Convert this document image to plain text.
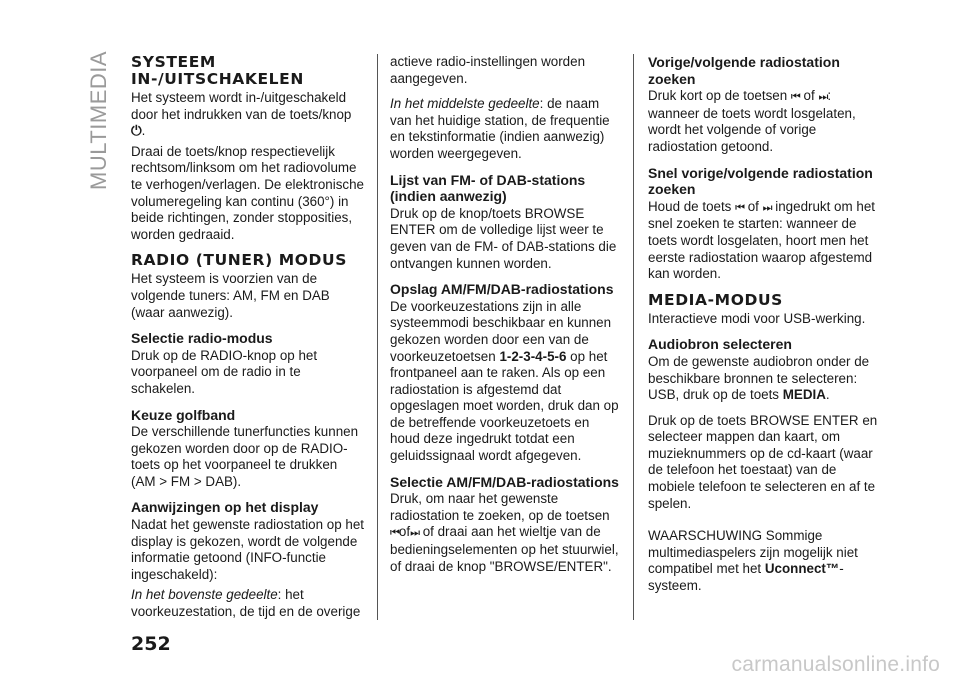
MULTIMEDIA SYSTEEM IN-/UITSCHAKELEN

Het systeem wordt in-/uitgeschakeld door het indrukken van de toets/knop
⏻.

Draai de toets/knop respectievelijk rechtsom/linksom om het radiovolume te verhogen/verlagen. De elektronische volumeregeling kan continu (360°) in beide richtingen, zonder stopposities, worden gedraaid.

RADIO (TUNER) MODUS

Het systeem is voorzien van de volgende tuners: AM, FM en DAB (waar aanwezig).

Selectie radio-modus

Druk op de RADIO-knop op het voorpaneel om de radio in te schakelen.

Keuze golfband

De verschillende tunerfuncties kunnen gekozen worden door op de RADIO-toets op het voorpaneel te drukken (AM > FM > DAB).

Aanwijzingen op het display

Nadat het gewenste radiostation op het display is gekozen, wordt de volgende informatie getoond (INFO-functie ingeschakeld):

In het bovenste gedeelte: het voorkeuzestation, de tijd en de overige

actieve radio-instellingen worden aangegeven.

In het middelste gedeelte: de naam van het huidige station, de frequentie en tekstinformatie (indien aanwezig) worden weergegeven.

Lijst van FM- of DAB-stations (indien aanwezig)

Druk op de knop/toets BROWSE ENTER om de volledige lijst weer te geven van de FM- of DAB-stations die ontvangen kunnen worden.

Opslag AM/FM/DAB-radiostations

De voorkeuzestations zijn in alle systeemmodi beschikbaar en kunnen gekozen worden door een van de voorkeuzetoetsen 1-2-3-4-5-6 op het frontpaneel aan te raken. Als op een radiostation is afgestemd dat opgeslagen moet worden, druk dan op de betreffende voorkeuzetoets en houd deze ingedrukt totdat een geluidssignaal wordt afgegeven.

Selectie AM/FM/DAB-radiostations

Druk, om naar het gewenste radiostation te zoeken, op de toetsen
⏮of⏭ of draai aan het wieltje van de bedieningselementen op het stuurwiel, of draai de knop "BROWSE/ENTER".

Vorige/volgende radiostation zoeken

Druk kort op de toetsen ⏮ of ⏭: wanneer de toets wordt losgelaten, wordt het volgende of vorige radiostation getoond.

Snel vorige/volgende radiostation zoeken

Houd de toets ⏮ of ⏭ ingedrukt om het snel zoeken te starten: wanneer de toets wordt losgelaten, hoort men het eerste radiostation waarop afgestemd kan worden.

MEDIA-MODUS

Interactieve modi voor USB-werking.

Audiobron selecteren

Om de gewenste audiobron onder de beschikbare bronnen te selecteren: USB, druk op de toets MEDIA.

Druk op de toets BROWSE ENTER en selecteer mappen dan kaart, om muzieknummers op de cd-kaart (waar de telefoon het toestaat) van de mobiele telefoon te selecteren en af te spelen.

WAARSCHUWING Sommige multimediaspelers zijn mogelijk niet compatibel met het Uconnect™-systeem.

252
carmanualsonline.info
